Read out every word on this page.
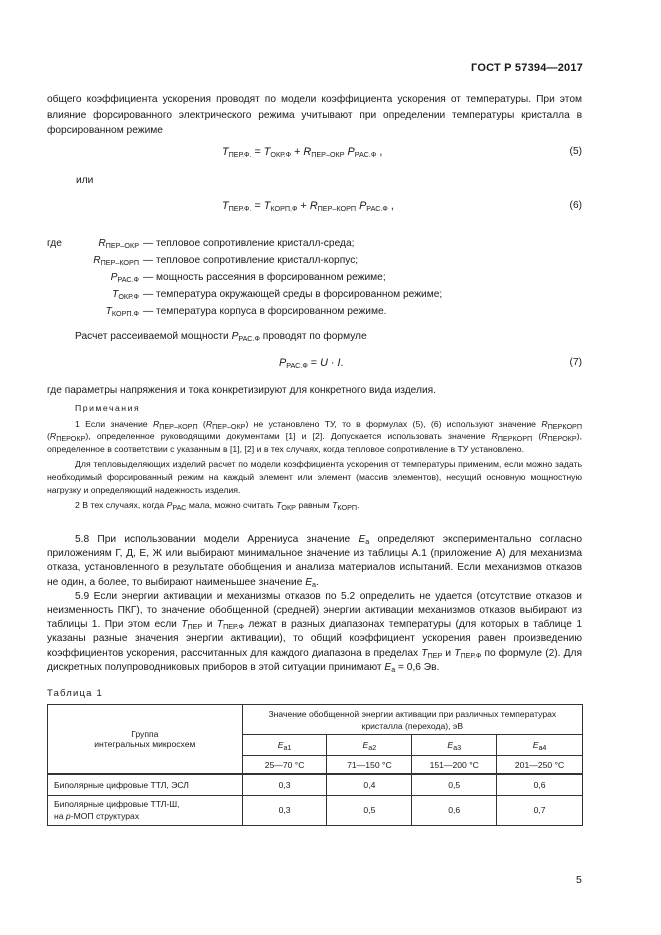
ГОСТ Р 57394—2017
общего коэффициента ускорения проводят по модели коэффициента ускорения от температуры. При этом влияние форсированного электрического режима учитывают при определении температуры кристалла в форсированном режиме
$T_{ПЕР.Ф.} = T_{ОКР.Ф} + R_{ПЕР-ОКР}$ $P_{РАС.Ф}$ ,	(5)
или
$T_{ПЕР.Ф.} = T_{КОРП.Ф} + R_{ПЕР-КОРП}$ $P_{РАС.Ф}$ ,	(6)
где	$R_{ПЕР-ОКР}$ — тепловое сопротивление кристалл-среда;
$R_{ПЕР-КОРП}$ — тепловое сопротивление кристалл-корпус;
$P_{РАС.Ф}$ — мощность рассеяния в форсированном режиме;
$T_{ОКР.Ф}$ — температура окружающей среды в форсированном режиме;
$T_{КОРП.Ф}$ — температура корпуса в форсированном режиме.
Расчет рассеиваемой мощности $P_{РАС.Ф}$ проводят по формуле
$P_{РАС.Ф} = U \cdot I$.	(7)
где параметры напряжения и тока конкретизируют для конкретного вида изделия.

Примечания

1 Если значение $R_{ПЕР-КОРП}$ $(R_{ПЕР-ОКР})$ не установлено ТУ, то в формулах (5), (6) используют значение $R_{ПЕРКОРП}$ $(R_{ПЕРОКР})$, определенное руководящими документами [1] и [2]. Допускается использовать значение $R_{ПЕРКОРП}$ $(R_{ПЕРОКР})$, определенное в соответствии с указанным в [1], [2] и в тех случаях, когда тепловое сопротивление в ТУ установлено.

Для тепловыделяющих изделий расчет по модели коэффициента ускорения от температуры применим, если можно задать необходимый форсированный режим на каждый элемент или элемент (массив элементов), несущий основную мощностную нагрузку и определяющий надежность изделия.

2 В тех случаях, когда $P_{РАС}$ мала, можно считать $T_{ОКР}$ равным $T_{КОРП}$.

5.8 При использовании модели Аррениуса значение $E_a$ определяют экспериментально согласно приложениям Г, Д, Е, Ж или выбирают минимальное значение из таблицы А.1 (приложение А) для механизма отказа, установленного в результате обобщения и анализа материалов испытаний. Если механизмов отказов не один, а более, то выбирают наименьшее значение $E_a$.

5.9 Если энергии активации и механизмы отказов по 5.2 определить не удается (отсутствие отказов и неизменность ПКГ), то значение обобщенной (средней) энергии активации механизмов отказов выбирают из таблицы 1. При этом если $T_{ПЕР}$ и $T_{ПЕР.Ф}$ лежат в разных диапазонах температуры (для которых в таблице 1 указаны разные значения энергии активации), то общий коэффициент ускорения равен произведению коэффициентов ускорения, рассчитанных для каждого диапазона в пределах $T_{ПЕР}$ и $T_{ПЕР.Ф}$ по формуле (2). Для дискретных полупроводниковых приборов в этой ситуации принимают $E_a = 0,6$ Эв.

Таблица 1
Группа
интегральных микросхем	Значение обобщенной энергии активации при различных температурах
кристалла (перехода), эВ			
	$E_{a1}$	$E_{a2}$	$E_{a3}$	$E_{a4}$
	25—70 °C	71—150 °C	151—200 °C	201—250 °C
Биполярные цифровые ТТЛ, ЭСЛ	0,3	0,4	0,5	0,6
Биполярные цифровые ТТЛ-Ш,
на p-МОП структурах	0,3	0,5	0,6	0,7
5
